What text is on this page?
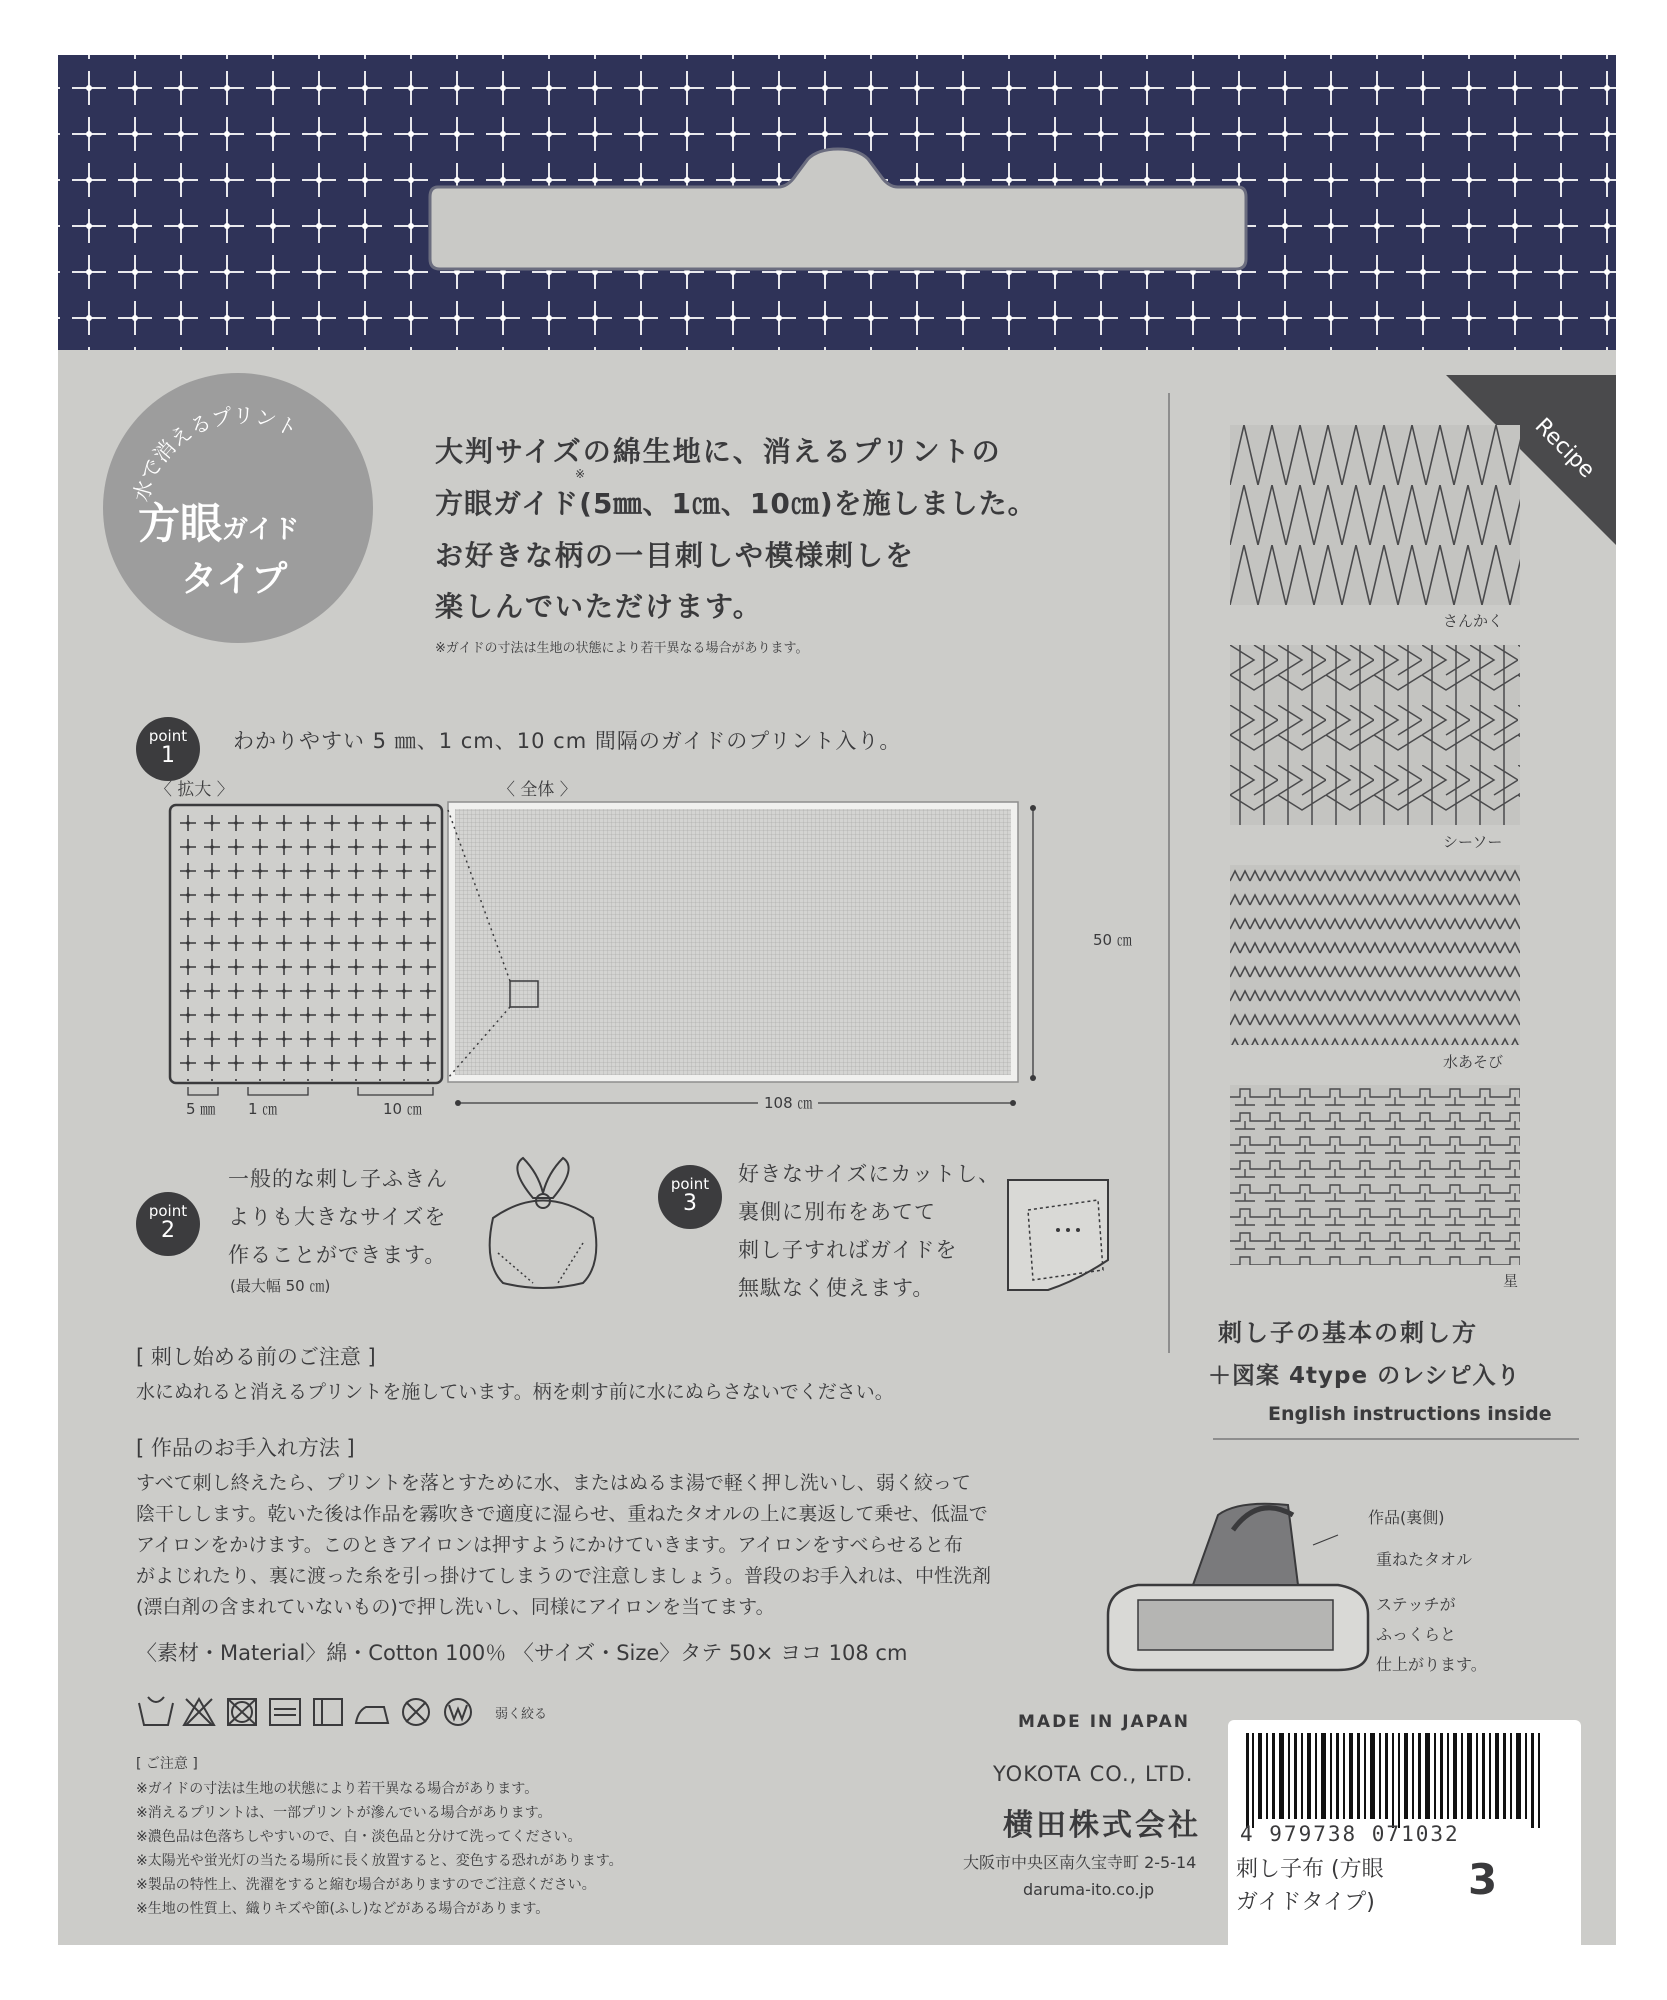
水で消えるプリント
方眼ガイド
タイプ
大判サイズの綿生地に、消えるプリントの
※
方眼ガイド(5㎜、1㎝、10㎝)を施しました。
お好きな柄の一目刺しや模様刺しを
楽しんでいただけます。
※ガイドの寸法は生地の状態により若干異なる場合があります。
point
1
わかりやすい 5 ㎜、1 cm、10 cm 間隔のガイドのプリント入り。
〈 拡大 〉	〈 全体 〉
5 ㎜ 1 ㎝	10 ㎝	108 ㎝
50 ㎝
point
2
一般的な刺し子ふきん
よりも大きなサイズを
作ることができます。
(最大幅 50 ㎝)
point
3
好きなサイズにカットし、
裏側に別布をあてて
刺し子すればガイドを
無駄なく使えます。
[ 刺し始める前のご注意 ]
水にぬれると消えるプリントを施しています。柄を刺す前に水にぬらさないでください。
[ 作品のお手入れ方法 ]
すべて刺し終えたら、プリントを落とすために水、またはぬるま湯で軽く押し洗いし、弱く絞って
陰干しします。乾いた後は作品を霧吹きで適度に湿らせ、重ねたタオルの上に裏返して乗せ、低温で
アイロンをかけます。このときアイロンは押すようにかけていきます。アイロンをすべらせると布
がよじれたり、裏に渡った糸を引っ掛けてしまうので注意しましょう。普段のお手入れは、中性洗剤
(漂白剤の含まれていないもの)で押し洗いし、同様にアイロンを当てます。
〈素材・Material〉綿・Cotton 100％ 〈サイズ・Size〉タテ 50× ヨコ 108 cm
弱く絞る
[ ご注意 ]
※ガイドの寸法は生地の状態により若干異なる場合があります。
※消えるプリントは、一部プリントが滲んでいる場合があります。
※濃色品は色落ちしやすいので、白・淡色品と分けて洗ってください。
※太陽光や蛍光灯の当たる場所に長く放置すると、変色する恐れがあります。
※製品の特性上、洗濯をすると縮む場合がありますのでご注意ください。
※生地の性質上、織りキズや節(ふし)などがある場合があります。
Recipe
さんかく
シーソー
水あそび
星
刺し子の基本の刺し方
＋図案 4type のレシピ入り
English instructions inside
作品(裏側)
重ねたタオル
ステッチが
ふっくらと
仕上がります。
MADE IN JAPAN
YOKOTA CO., LTD.
横田株式会社
大阪市中央区南久宝寺町 2-5-14
daruma-ito.co.jp
4 979738 071032
刺し子布 (方眼
ガイドタイプ) 3
